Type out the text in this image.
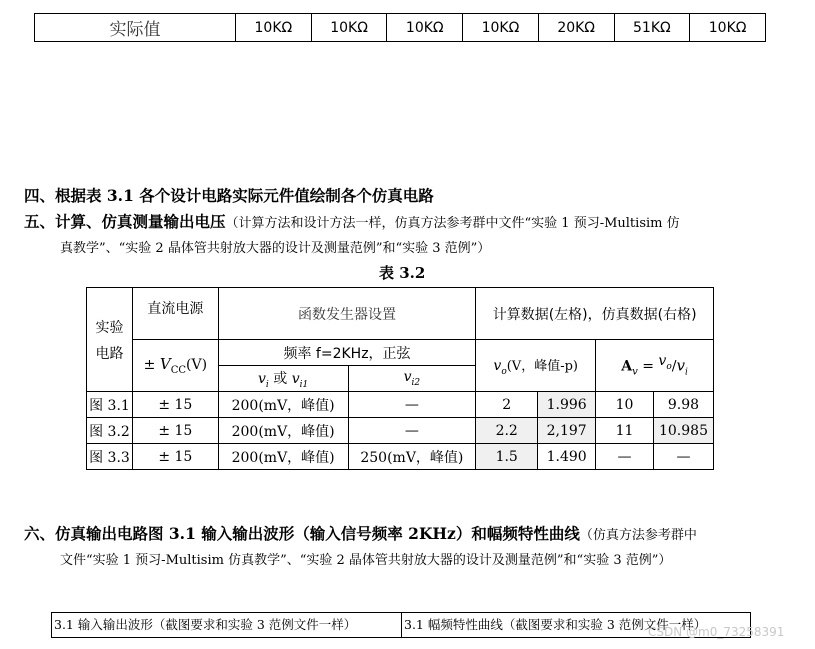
实际值	10KΩ	10KΩ	10KΩ	10KΩ	20KΩ	51KΩ	10KΩ
四、根据表 3.1 各个设计电路实际元件值绘制各个仿真电路
五、计算、仿真测量输出电压（计算方法和设计方法一样，仿真方法参考群中文件“实验 1 预习-Multisim 仿
真教学”、“实验 2 晶体管共射放大器的设计及测量范例”和“实验 3 范例”）
表 3.2
实验
电路	直流电源	函数发生器设置		计算数据(左格)，仿真数据(右格)			
	± $V_{CC}(V)$	频率 f=2KHz，正弦		$v_o(V$，峰值-p)		$A_v = ^{v_o}/v_i$
		$v_i$ 或 $v_{i1}$	$v_{i2}$
图 3.1	± 15	200(mV，峰值)	—	2	1.996	10	9.98
图 3.2	± 15	200(mV，峰值)	—	2.2	2,197	11	10.985
图 3.3	± 15	200(mV，峰值)	250(mV，峰值)	1.5	1.490	—	—
六、仿真输出电路图 3.1 输入输出波形（输入信号频率 2KHz）和幅频特性曲线（仿真方法参考群中
文件“实验 1 预习-Multisim 仿真教学”、“实验 2 晶体管共射放大器的设计及测量范例”和“实验 3 范例”）
3.1 输入输出波形（截图要求和实验 3 范例文件一样）	3.1 幅频特性曲线（截图要求和实验 3 范例文件一样）
CSDN @m0_73258391
